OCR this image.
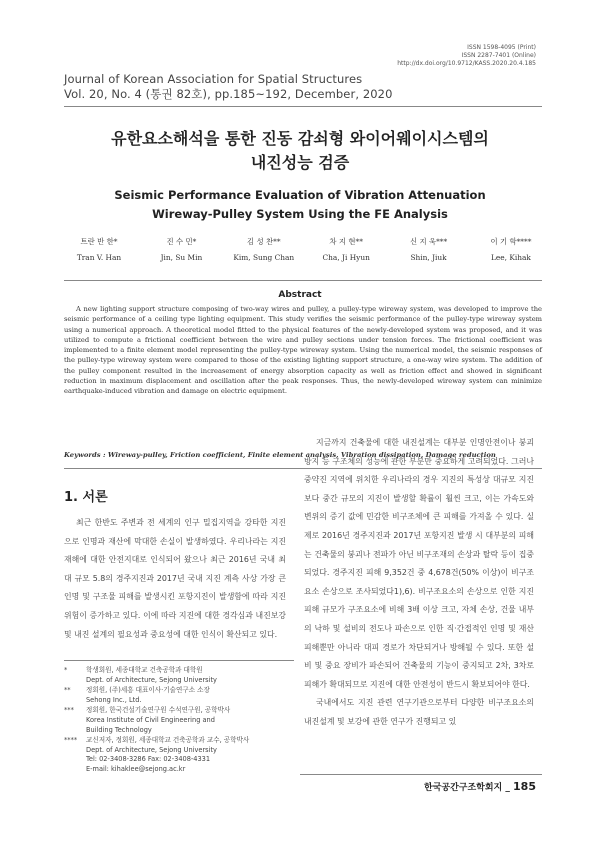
ISSN 1598-4095 (Print)
ISSN 2287-7401 (Online)
http://dx.doi.org/10.9712/KASS.2020.20.4.185
Journal of Korean Association for Spatial Structures
Vol. 20, No. 4 (통권 82호), pp.185~192, December, 2020
유한요소해석을 통한 진동 감쇠형 와이어웨이시스템의
내진성능 검증
Seismic Performance Evaluation of Vibration Attenuation
Wireway-Pulley System Using the FE Analysis
트란 반 한*
Tran V. Han
진 수 민*
Jin, Su Min
김 성 찬**
Kim, Sung Chan
차 지 현**
Cha, Ji Hyun
신 지 욱***
Shin, Jiuk
이 기 학****
Lee, Kihak
Abstract
A new lighting support structure composing of two-way wires and pulley, a pulley-type wireway system, was developed to improve the seismic performance of a ceiling type lighting equipment. This study verifies the seismic performance of the pulley-type wireway system using a numerical approach. A theoretical model fitted to the physical features of the newly-developed system was proposed, and it was utilized to compute a frictional coefficient between the wire and pulley sections under tension forces. The frictional coefficient was implemented to a finite element model representing the pulley-type wireway system. Using the numerical model, the seismic responses of the pulley-type wireway system were compared to those of the existing lighting support structure, a one-way wire system. The addition of the pulley component resulted in the increasement of energy absorption capacity as well as friction effect and showed in significant reduction in maximum displacement and oscillation after the peak responses. Thus, the newly-developed wireway system can minimize earthquake-induced vibration and damage on electric equipment.
Keywords : Wireway-pulley, Friction coefficient, Finite element analysis, Vibration dissipation, Damage reduction
1. 서론

최근 한반도 주변과 전 세계의 인구 밀집지역을 강타한 지진으로 인명과 재산에 막대한 손실이 발생하였다. 우리나라는 지진 재해에 대한 안전지대로 인식되어 왔으나 최근 2016년 국내 최대 규모 5.8의 경주지진과 2017년 국내 지진 계측 사상 가장 큰 인명 및 구조물 피해를 발생시킨 포항지진이 발생함에 따라 지진 위험이 증가하고 있다. 이에 따라 지진에 대한 경각심과 내진보강 및 내진 설계의 필요성과 중요성에 대한 인식이 확산되고 있다.

*	학생회원, 세종대학교 건축공학과 대학원
Dept. of Architecture, Sejong University
**	정회원, (주)세흥 대표이사·기술연구소 소장
Sehong Inc., Ltd.
***	정회원, 한국건설기술연구원 수석연구원, 공학박사
Korea Institute of Civil Engineering and
Building Technology
****	교신저자, 정회원, 세종대학교 건축공학과 교수, 공학박사
Dept. of Architecture, Sejong University
Tel: 02-3408-3286 Fax: 02-3408-4331
E-mail: kihaklee@sejong.ac.kr

지금까지 건축물에 대한 내진설계는 대부분 인명안전이나 붕괴 방지 등 구조체의 성능에 관한 부분만 중요하게 고려되었다. 그러나 중약진 지역에 위치한 우리나라의 경우 지진의 특성상 대규모 지진보다 중간 규모의 지진이 발생할 확률이 훨씬 크고, 이는 가속도와 변위의 증기 값에 민감한 비구조체에 큰 피해를 가져올 수 있다. 실제로 2016년 경주지진과 2017년 포항지진 발생 시 대부분의 피해는 건축물의 붕괴나 전파가 아닌 비구조재의 손상과 탈락 등이 집중되었다. 경주지진 피해 9,352건 중 4,678건(50% 이상)이 비구조요소 손상으로 조사되었다1),6). 비구조요소의 손상으로 인한 지진피해 규모가 구조요소에 비해 3배 이상 크고, 자체 손상, 건물 내부의 낙하 및 설비의 전도나 파손으로 인한 직·간접적인 인명 및 재산 피해뿐만 아니라 대피 경로가 차단되거나 방해될 수 있다. 또한 설비 및 중요 장비가 파손되어 건축물의 기능이 중지되고 2차, 3차로 피해가 확대되므로 지진에 대한 안전성이 반드시 확보되어야 한다.

국내에서도 지진 관련 연구기관으로부터 다양한 비구조요소의 내진설계 및 보강에 관한 연구가 진행되고 있

한국공간구조학회지 _ 185
